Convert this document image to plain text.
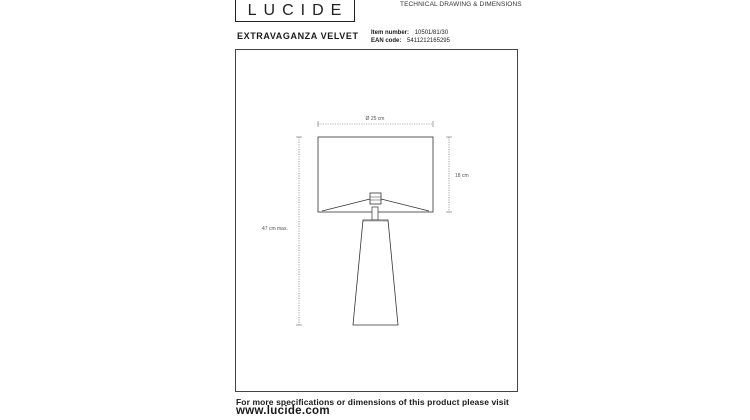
LUCIDE	TECHNICAL DRAWING & DIMENSIONS
EXTRAVAGANZA VELVET Item number: 10501/81/30
EAN code: 5411212165295
Ø 25 cm
18 cm
47 cm max.
For more specifications or dimensions of this product please visit
www.lucide.com
